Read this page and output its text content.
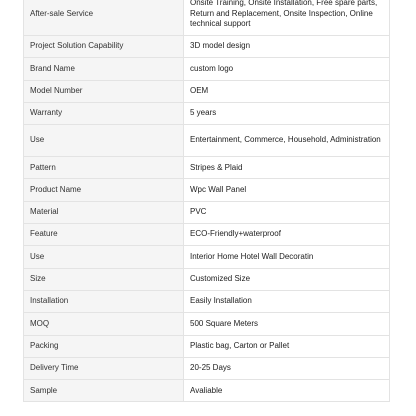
After-sale Service	Onsite Training, Onsite Installation, Free spare parts, Return and Replacement, Onsite Inspection, Online technical support
Project Solution Capability	3D model design
Brand Name	custom logo
Model Number	OEM
Warranty	5 years
Use	Entertainment, Commerce, Household, Administration
Pattern	Stripes & Plaid
Product Name	Wpc Wall Panel
Material	PVC
Feature	ECO-Friendly+waterproof
Use	Interior Home Hotel Wall Decoratin
Size	Customized Size
Installation	Easily Installation
MOQ	500 Square Meters
Packing	Plastic bag, Carton or Pallet
Delivery Time	20-25 Days
Sample	Avaliable
